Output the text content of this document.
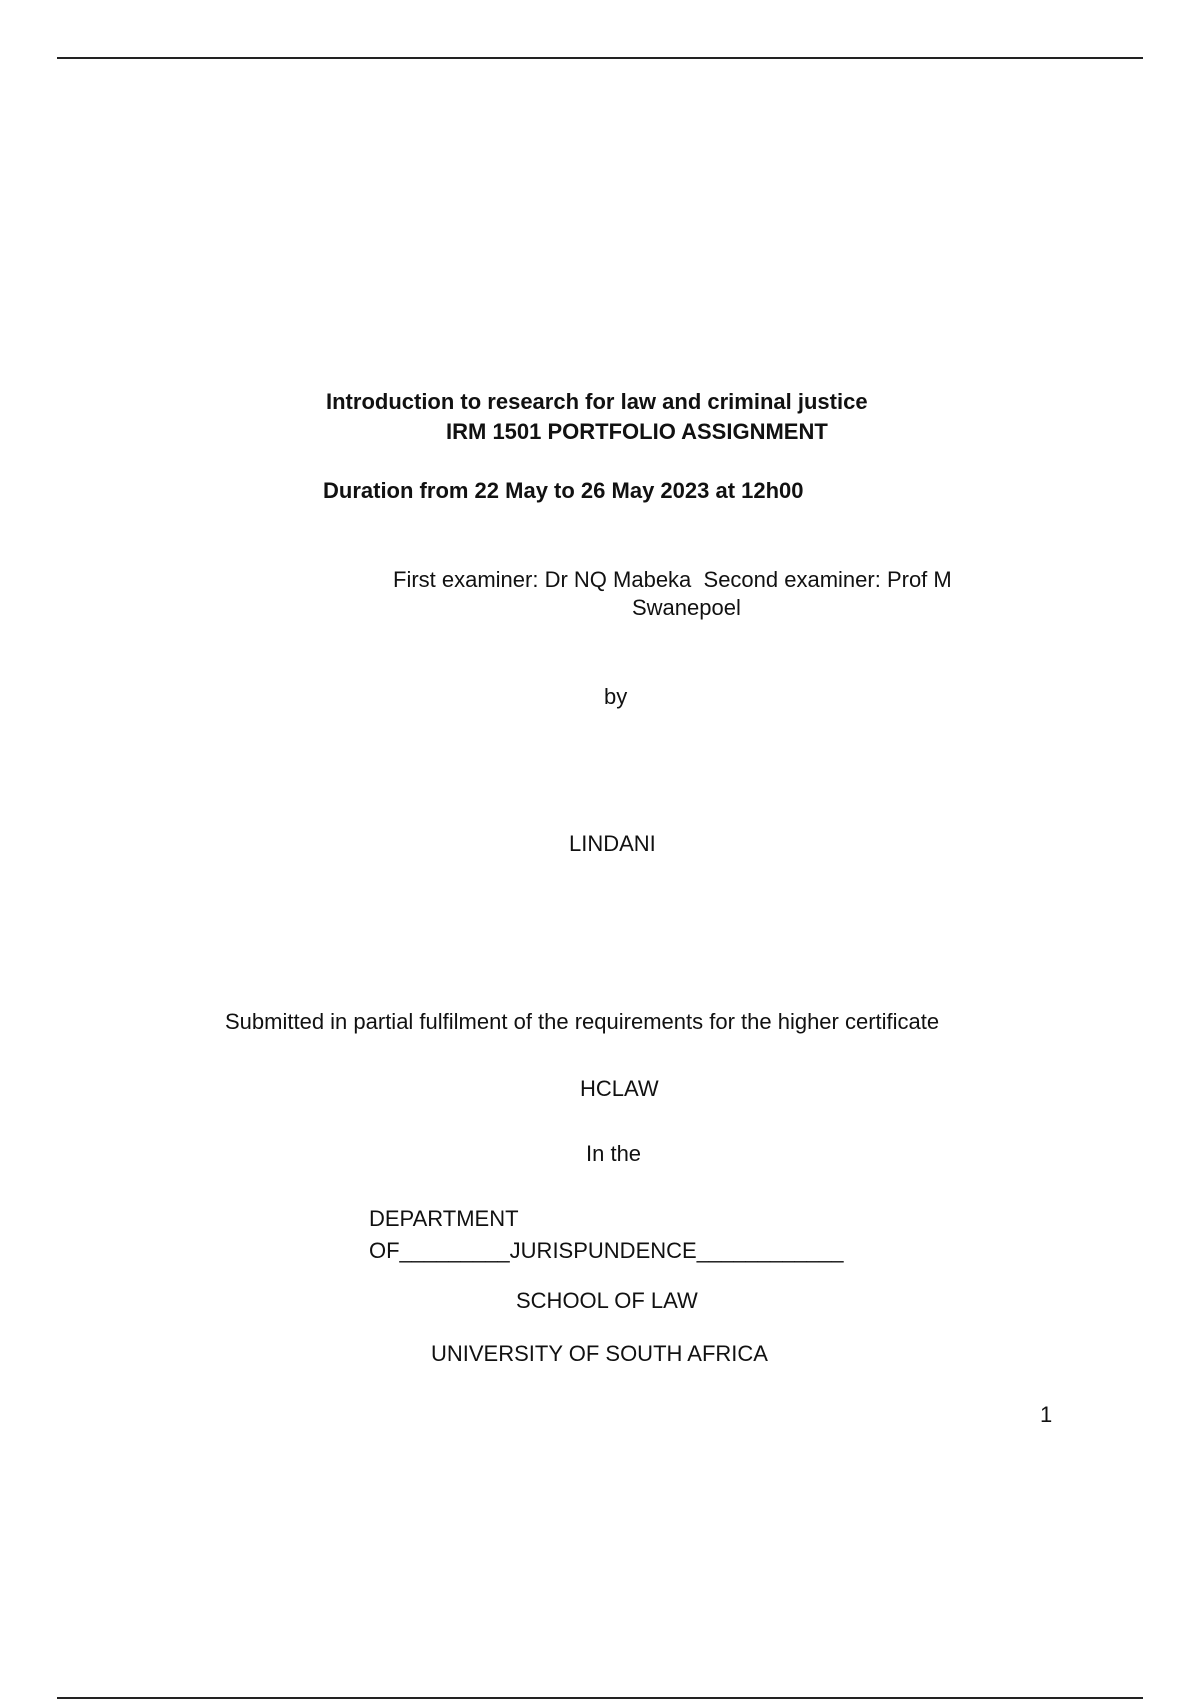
Introduction to research for law and criminal justice
IRM 1501 PORTFOLIO ASSIGNMENT
Duration from 22 May to 26 May 2023 at 12h00
First examiner: Dr NQ Mabeka  Second examiner: Prof M
Swanepoel
by
LINDANI
Submitted in partial fulfilment of the requirements for the higher certificate
HCLAW
In the
DEPARTMENT
OF_________JURISPUNDENCE____________
SCHOOL OF LAW
UNIVERSITY OF SOUTH AFRICA
1
